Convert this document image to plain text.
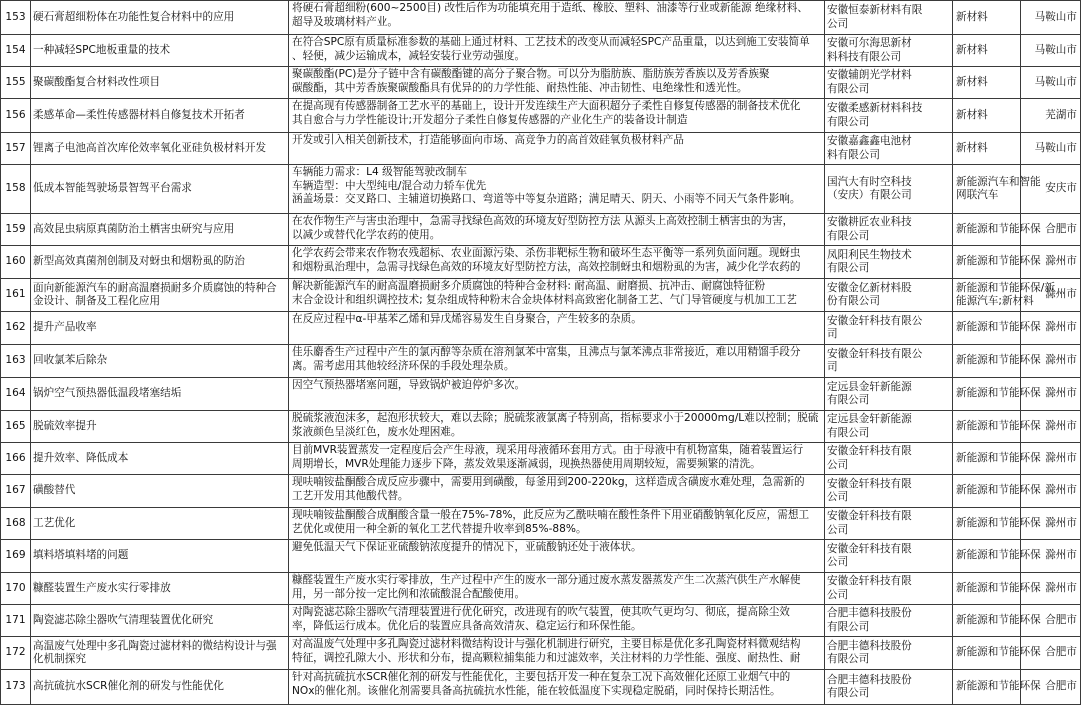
153	硬石膏超细粉体在功能性复合材料中的应用	将硬石膏超细粉(600~2500目) 改性后作为功能填充用于造纸、橡胶、塑料、油漆等行业或新能源 绝缘材料、
超导及玻璃材料产业。	安徽恒泰新材料有限
公司	新材料	马鞍山市
154	一种减轻SPC地板重量的技术	在符合SPC原有质量标准参数的基础上通过材料、工艺技术的改变从而减轻SPC产品重量，以达到施工安装简单
、轻便，减少运输成本，减轻安装行业劳动强度。	安徽可尔海思新材
料科技有限公司	新材料	马鞍山市
155	聚碳酸酯复合材料改性项目	聚碳酸酯(PC)是分子链中含有碳酸酯键的高分子聚合物。可以分为脂肪族、脂肪族芳香族以及芳香族聚
碳酸酯，其中芳香族聚碳酸酯具有优异的的力学性能、耐热性能、冲击韧性、电绝缘性和透光性。	安徽辅朗光学材料
有限公司	新材料	马鞍山市
156	柔感革命—柔性传感器材料自修复技术开拓者	在提高现有传感器制备工艺水平的基础上，设计开发连续生产大面积超分子柔性自修复传感器的制备技术优化
其自愈合与力学性能设计;开发超分子柔性自修复传感器的产业化生产的装备设计制造	安徽柔感新材料科技
有限公司	新材料	芜湖市
157	锂离子电池高首次库伦效率氧化亚硅负极材料开发	开发或引入相关创新技术，打造能够面向市场、高竞争力的高首效硅氧负极材料产品	安徽嘉鑫鑫电池材
料有限公司	新材料	马鞍山市
158	低成本智能驾驶场景智驾平台需求	车辆能力需求：L4 级智能驾驶改制车
车辆造型：中大型纯电/混合动力轿车优先
涵盖场景：交叉路口、主辅道切换路口、弯道等中等复杂道路；满足晴天、阴天、小雨等不同天气条件影响。	国汽大有时空科技
（安庆）有限公司	新能源汽车和智能
网联汽车	安庆市
159	高效昆虫病原真菌防治土栖害虫研究与应用	在农作物生产与害虫治理中，急需寻找绿色高效的环境友好型防控方法 从源头上高效控制土栖害虫的为害，
以减少或替代化学农药的使用。	安徽耕匠农业科技
有限公司	新能源和节能环保	合肥市
160	新型高效真菌剂创制及对蚜虫和烟粉虱的防治	化学农药会带来农作物农残超标、农业面源污染、杀伤非靶标生物和破坏生态平衡等一系列负面问题。现蚜虫
和烟粉虱治理中，急需寻找绿色高效的环境友好型防控方法，高效控制蚜虫和烟粉虱的为害，减少化学农药的	凤阳利民生物技术
有限公司	新能源和节能环保	滁州市
161	面向新能源汽车的耐高温磨损耐多介质腐蚀的特种合
金设计、制备及工程化应用	解决新能源汽车的耐高温磨损耐多介质腐蚀的特种合金材料: 耐高温、耐磨损、抗冲击、耐腐蚀特征粉
末合金设计和组织调控技术; 复杂组成特种粉末合金块体材料高致密化制备工艺、气门导管硬度与机加工工艺	安徽金亿新材料股
份有限公司	新能源和节能环保/新
能源汽车;新材料	滁州市
162	提升产品收率	在反应过程中α-甲基苯乙烯和异戊烯容易发生自身聚合，产生较多的杂质。	安徽金轩科技有限公
司	新能源和节能环保	滁州市
163	回收氯苯后除杂	佳乐麝香生产过程中产生的氯丙醇等杂质在溶剂氯苯中富集，且沸点与氯苯沸点非常接近，难以用精馏手段分
离。需考虑用其他较经济环保的手段处理杂质。	安徽金轩科技有限公
司	新能源和节能环保	滁州市
164	锅炉空气预热器低温段堵塞结垢	因空气预热器堵塞问题，导致锅炉被迫停炉多次。	定远县金轩新能源
有限公司	新能源和节能环保	滁州市
165	脱硫效率提升	脱硫浆液泡沫多，起泡形状较大，难以去除；脱硫浆液氯离子特别高，指标要求小于20000mg/L难以控制；脱硫
浆液颜色呈淡红色，废水处理困难。	定远县金轩新能源
有限公司	新能源和节能环保	滁州市
166	提升效率、降低成本	目前MVR装置蒸发一定程度后会产生母液，现采用母液循环套用方式。由于母液中有机物富集，随着装置运行
周期增长，MVR处理能力逐步下降，蒸发效果逐渐减弱，现换热器使用周期较短，需要频繁的清洗。	安徽金轩科技有限
公司	新能源和节能环保	滁州市
167	磺酸替代	现呋喃铵盐酮酸合成反应步骤中，需要用到磺酸，每釜用到200-220kg，这样造成含磺废水难处理，急需新的
工艺开发用其他酸代替。	安徽金轩科技有限
公司	新能源和节能环保	滁州市
168	工艺优化	现呋喃铵盐酮酸合成酮酸含量一般在75%-78%，此反应为乙酰呋喃在酸性条件下用亚硝酸钠氧化反应，需想工
艺优化或使用一种全新的氧化工艺代替提升收率到85%-88%。	安徽金轩科技有限
公司	新能源和节能环保	滁州市
169	填料塔填料堵的问题	避免低温天气下保证亚硫酸钠浓度提升的情况下，亚硫酸钠还处于液体状。	安徽金轩科技有限
公司	新能源和节能环保	滁州市
170	糠醛装置生产废水实行零排放	糠醛装置生产废水实行零排放，生产过程中产生的废水一部分通过废水蒸发器蒸发产生二次蒸汽供生产水解使
用，另一部分按一定比例和浓硫酸混合配酸使用。	安徽金轩科技有限
公司	新能源和节能环保	滁州市
171	陶瓷滤芯除尘器吹气清理装置优化研究	对陶瓷滤芯除尘器吹气清理装置进行优化研究，改进现有的吹气装置，使其吹气更均匀、彻底，提高除尘效
率，降低运行成本。优化后的装置应具备高效清灰、稳定运行和环保性能。	合肥丰德科技股份
有限公司	新能源和节能环保	合肥市
172	高温废气处理中多孔陶瓷过滤材料的微结构设计与强
化机制探究	对高温废气处理中多孔陶瓷过滤材料微结构设计与强化机制进行研究，主要目标是优化多孔陶瓷材料微观结构
特征，调控孔隙大小、形状和分布，提高颗粒捕集能力和过滤效率，关注材料的力学性能、强度、耐热性、耐	合肥丰德科技股份
有限公司	新能源和节能环保	合肥市
173	高抗硫抗水SCR催化剂的研发与性能优化	针对高抗硫抗水SCR催化剂的研发与性能优化，主要包括开发一种在复杂工况下高效催化还原工业烟气中的
NOx的催化剂。该催化剂需要具备高抗硫抗水性能，能在较低温度下实现稳定脱硝，同时保持长期活性。	合肥丰德科技股份
有限公司	新能源和节能环保	合肥市
